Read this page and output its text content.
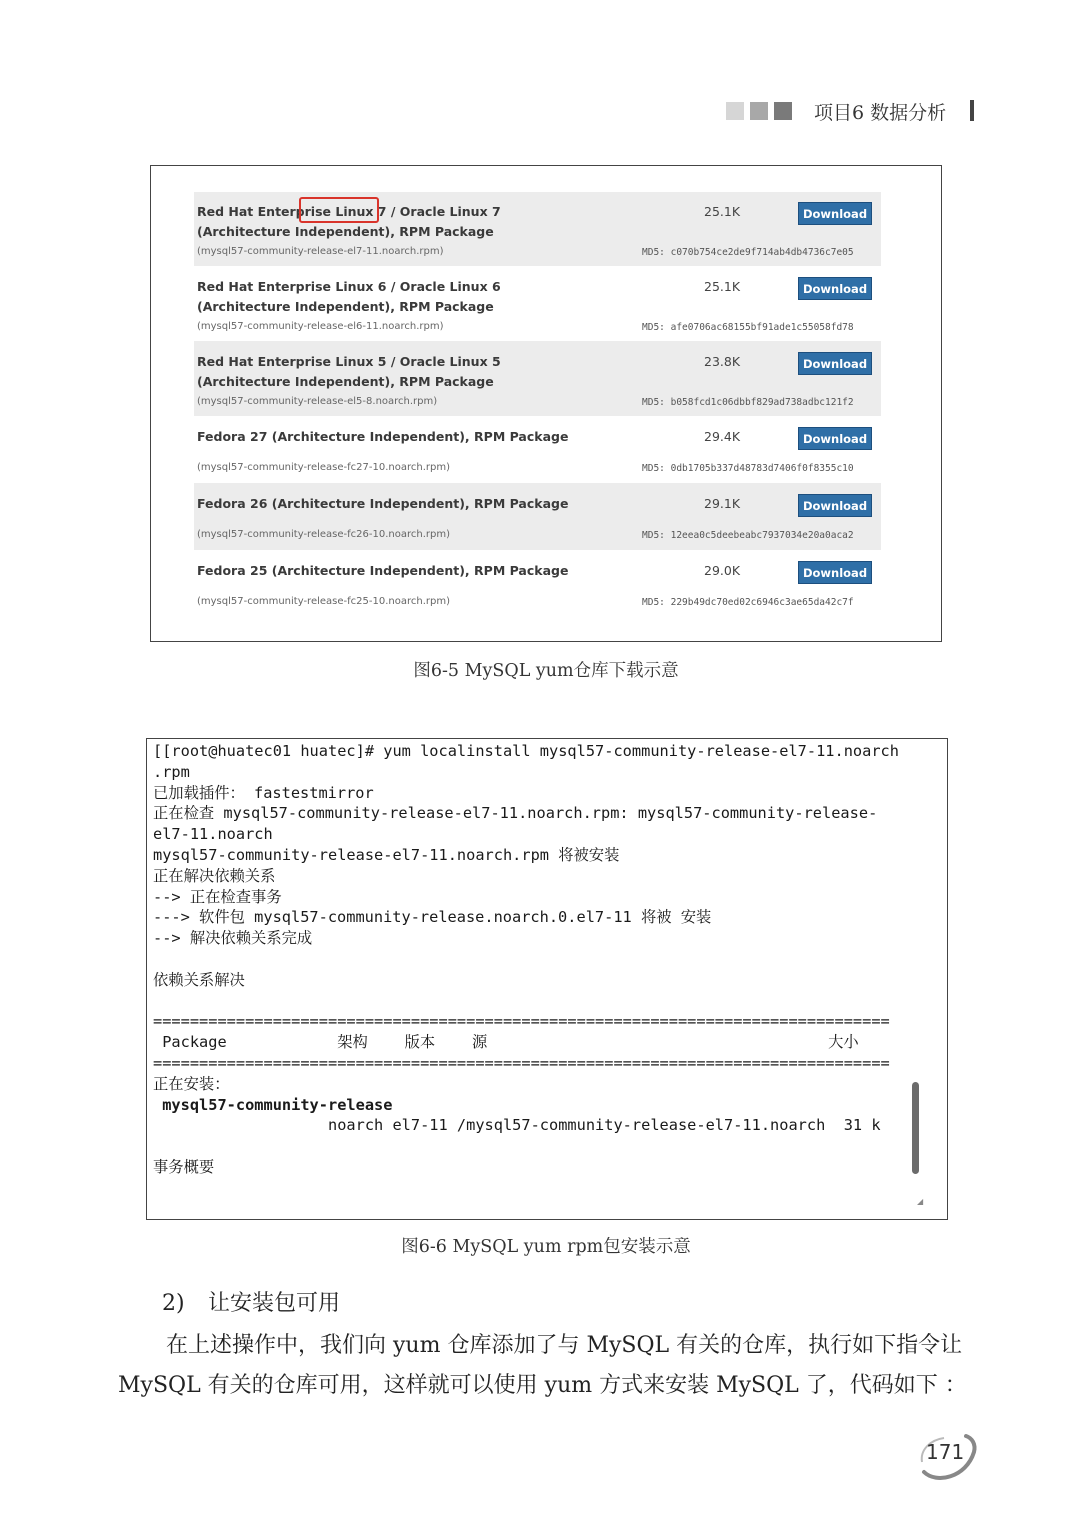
项目6 数据分析
Red Hat Enterprise Linux 7 / Oracle Linux 7
(Architecture Independent), RPM Package
(mysql57-community-release-el7-11.noarch.rpm)
25.1K	Download
MD5: c070b754ce2de9f714ab4db4736c7e05
Red Hat Enterprise Linux 6 / Oracle Linux 6
(Architecture Independent), RPM Package
(mysql57-community-release-el6-11.noarch.rpm)
25.1K	Download
MD5: afe0706ac68155bf91ade1c55058fd78
Red Hat Enterprise Linux 5 / Oracle Linux 5
(Architecture Independent), RPM Package
(mysql57-community-release-el5-8.noarch.rpm)
23.8K	Download
MD5: b058fcd1c06dbbf829ad738adbc121f2
Fedora 27 (Architecture Independent), RPM Package
(mysql57-community-release-fc27-10.noarch.rpm)
29.4K	Download
MD5: 0db1705b337d48783d7406f0f8355c10
Fedora 26 (Architecture Independent), RPM Package
(mysql57-community-release-fc26-10.noarch.rpm)
29.1K	Download
MD5: 12eea0c5deebeabc7937034e20a0aca2
Fedora 25 (Architecture Independent), RPM Package
(mysql57-community-release-fc25-10.noarch.rpm)
29.0K	Download
MD5: 229b49dc70ed02c6946c3ae65da42c7f
图6-5 MySQL yum仓库下载示意
[[root@huatec01 huatec]# yum localinstall mysql57-community-release-el7-11.noarch
.rpm
已加载插件： fastestmirror
正在检查 mysql57-community-release-el7-11.noarch.rpm: mysql57-community-release-
el7-11.noarch
mysql57-community-release-el7-11.noarch.rpm 将被安装
正在解决依赖关系
--> 正在检查事务
---> 软件包 mysql57-community-release.noarch.0.el7-11 将被 安装
--> 解决依赖关系完成

依赖关系解决

================================================================================
Package            架构    版本    源                                     大小
================================================================================
正在安装：
mysql57-community-release
noarch el7-11 /mysql57-community-release-el7-11.noarch  31 k

事务概要
◢
图6-6 MySQL yum rpm包安装示意
2) 让安装包可用
在上述操作中，我们向 yum 仓库添加了与 MySQL 有关的仓库，执行如下指令让
MySQL 有关的仓库可用，这样就可以使用 yum 方式来安装 MySQL 了，代码如下 ：
171
